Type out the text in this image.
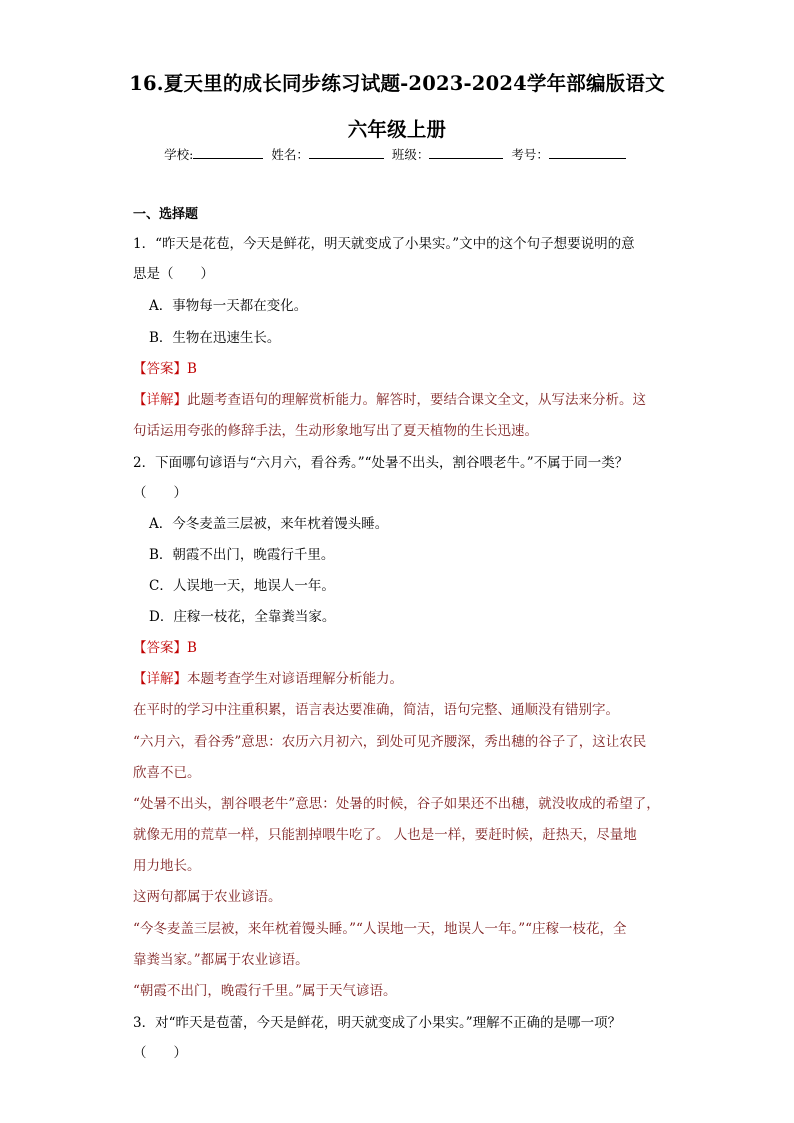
16.夏天里的成长同步练习试题-2023-2024学年部编版语文
六年级上册
学校:	姓名：	班级：	考号：
一、选择题
1．“昨天是花苞，今天是鲜花，明天就变成了小果实。”文中的这个句子想要说明的意
思是（　　）
A．事物每一天都在变化。
B．生物在迅速生长。
【答案】B
【详解】此题考查语句的理解赏析能力。解答时，要结合课文全文，从写法来分析。这
句话运用夸张的修辞手法，生动形象地写出了夏天植物的生长迅速。
2．下面哪句谚语与“六月六，看谷秀。”“处暑不出头，割谷喂老牛。”不属于同一类？
（　　）
A．今冬麦盖三层被，来年枕着馒头睡。
B．朝霞不出门，晚霞行千里。
C．人误地一天，地误人一年。
D．庄稼一枝花，全靠粪当家。
【答案】B
【详解】本题考查学生对谚语理解分析能力。
在平时的学习中注重积累，语言表达要准确，简洁，语句完整、通顺没有错别字。
“六月六，看谷秀”意思：农历六月初六，到处可见齐腰深，秀出穗的谷子了，这让农民
欣喜不已。
“处暑不出头，割谷喂老牛”意思：处暑的时候，谷子如果还不出穗，就没收成的希望了，
就像无用的荒草一样，只能割掉喂牛吃了。 人也是一样，要赶时候，赶热天，尽量地
用力地长。
这两句都属于农业谚语。
“今冬麦盖三层被，来年枕着馒头睡。”“人误地一天，地误人一年。”“庄稼一枝花，全
靠粪当家。”都属于农业谚语。
“朝霞不出门，晚霞行千里。”属于天气谚语。
3．对“昨天是苞蕾，今天是鲜花，明天就变成了小果实。”理解不正确的是哪一项？
（　　）
